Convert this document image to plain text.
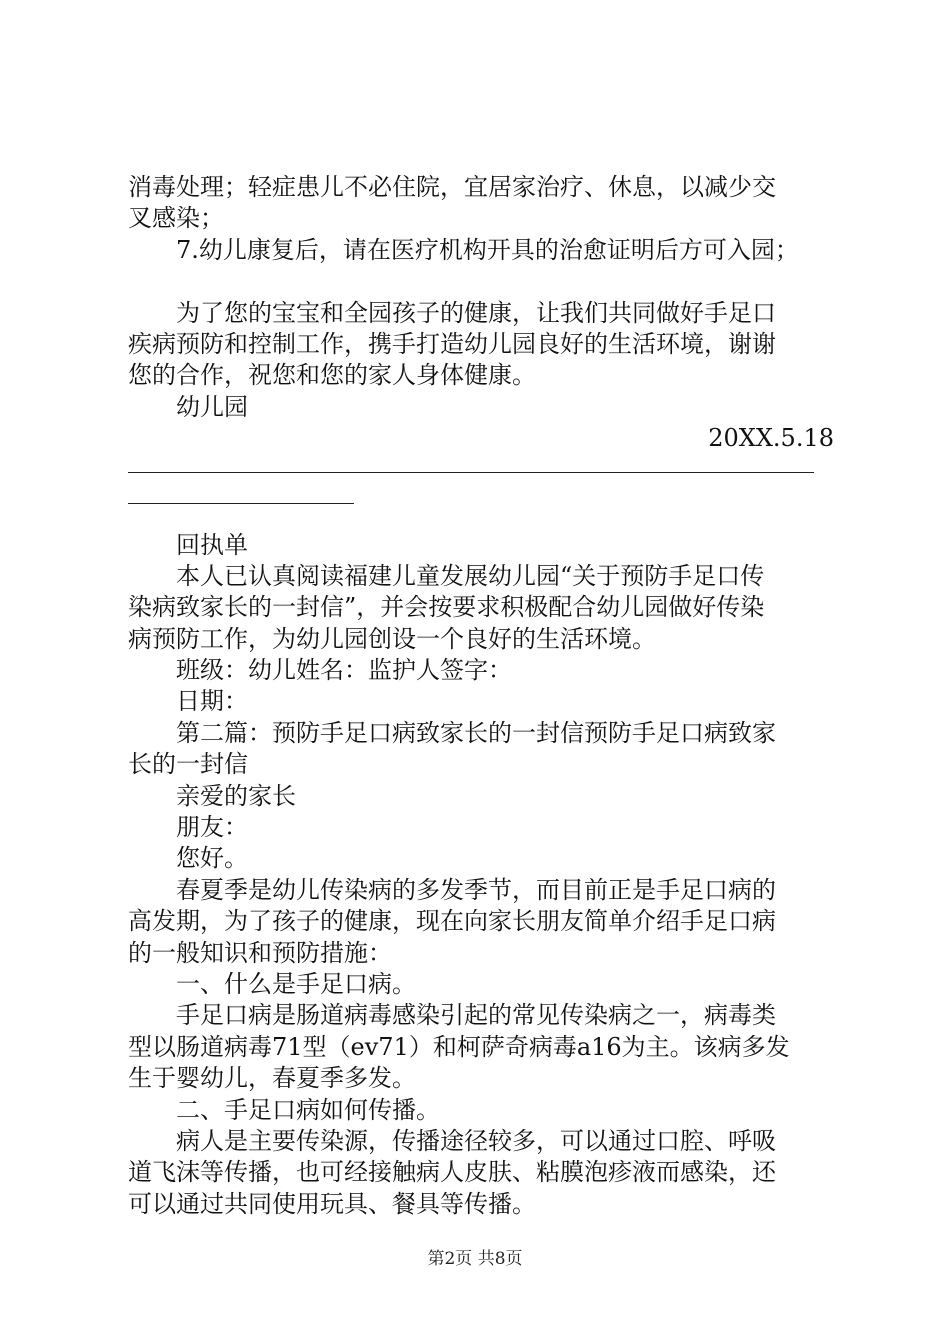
消毒处理；轻症患儿不必住院，宜居家治疗、休息，以减少交
叉感染；
7.幼儿康复后，请在医疗机构开具的治愈证明后方可入园；
为了您的宝宝和全园孩子的健康，让我们共同做好手足口
疾病预防和控制工作，携手打造幼儿园良好的生活环境，谢谢
您的合作，祝您和您的家人身体健康。
幼儿园
20XX.5.18
回执单
本人已认真阅读福建儿童发展幼儿园“关于预防手足口传
染病致家长的一封信”，并会按要求积极配合幼儿园做好传染
病预防工作，为幼儿园创设一个良好的生活环境。
班级：幼儿姓名：监护人签字：
日期：
第二篇：预防手足口病致家长的一封信预防手足口病致家
长的一封信
亲爱的家长
朋友：
您好。
春夏季是幼儿传染病的多发季节，而目前正是手足口病的
高发期，为了孩子的健康，现在向家长朋友简单介绍手足口病
的一般知识和预防措施：
一、什么是手足口病。
手足口病是肠道病毒感染引起的常见传染病之一，病毒类
型以肠道病毒71型（ev71）和柯萨奇病毒a16为主。该病多发
生于婴幼儿，春夏季多发。
二、手足口病如何传播。
病人是主要传染源，传播途径较多，可以通过口腔、呼吸
道飞沫等传播，也可经接触病人皮肤、粘膜泡疹液而感染，还
可以通过共同使用玩具、餐具等传播。
第2页 共8页
